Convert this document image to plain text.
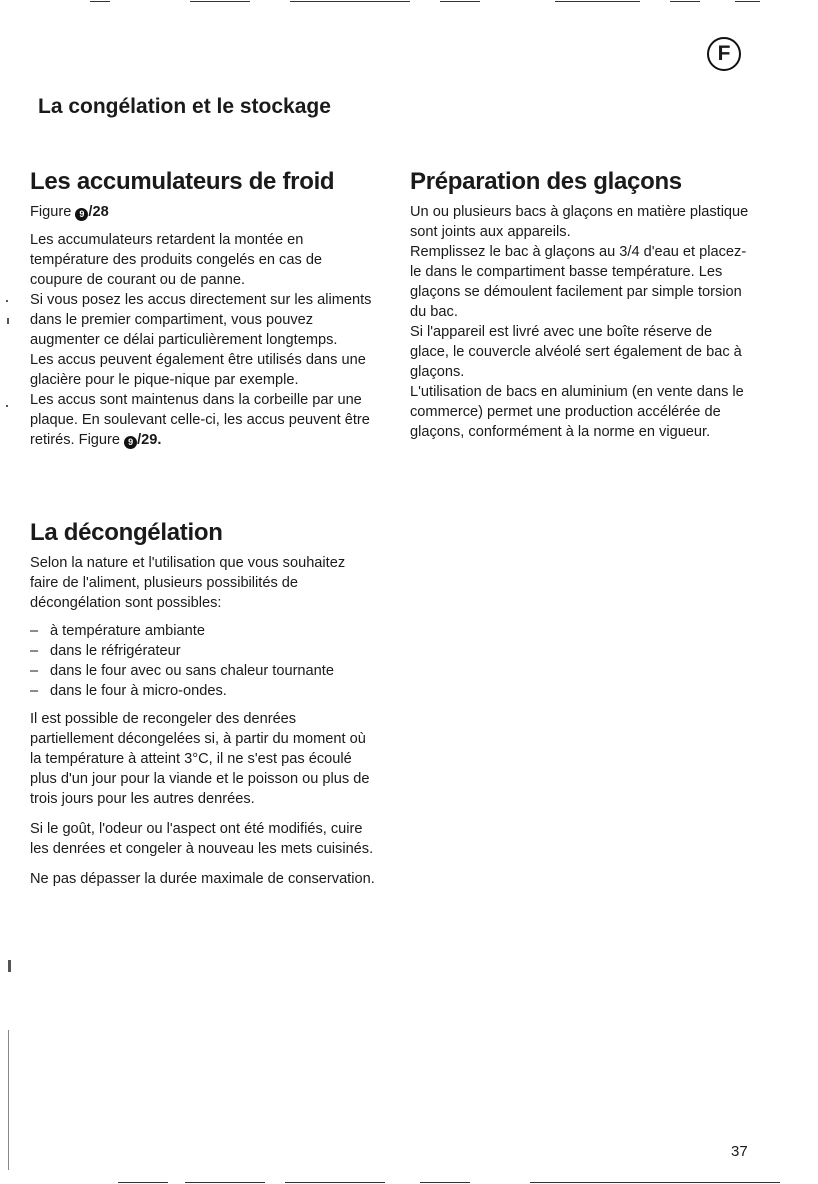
F
La congélation et le stockage
Les accumulateurs de froid
Figure 9 /28

Les accumulateurs retardent la montée en température des produits congelés en cas de coupure de courant ou de panne.

Si vous posez les accus directement sur les aliments dans le premier compartiment, vous pouvez augmenter ce délai particulièrement longtemps.

Les accus peuvent également être utilisés dans une glacière pour le pique-nique par exemple.

Les accus sont maintenus dans la corbeille par une plaque. En soulevant celle-ci, les accus peuvent être retirés. Figure 9 /29.

La décongélation

Selon la nature et l'utilisation que vous souhaitez faire de l'aliment, plusieurs possibilités de décongélation sont possibles:

– à température ambiante
– dans le réfrigérateur
– dans le four avec ou sans chaleur tournante
– dans le four à micro-ondes.

Il est possible de recongeler des denrées partiellement décongelées si, à partir du moment où la température à atteint 3°C, il ne s'est pas écoulé plus d'un jour pour la viande et le poisson ou plus de trois jours pour les autres denrées.

Si le goût, l'odeur ou l'aspect ont été modifiés, cuire les denrées et congeler à nouveau les mets cuisinés.

Ne pas dépasser la durée maximale de conservation.

Préparation des glaçons

Un ou plusieurs bacs à glaçons en matière plastique sont joints aux appareils.

Remplissez le bac à glaçons au 3/4 d'eau et placez-le dans le compartiment basse température. Les glaçons se démoulent facilement par simple torsion du bac.

Si l'appareil est livré avec une boîte réserve de glace, le couvercle alvéolé sert également de bac à glaçons.

L'utilisation de bacs en aluminium (en vente dans le commerce) permet une production accélérée de glaçons, conformément à la norme en vigueur.

37
